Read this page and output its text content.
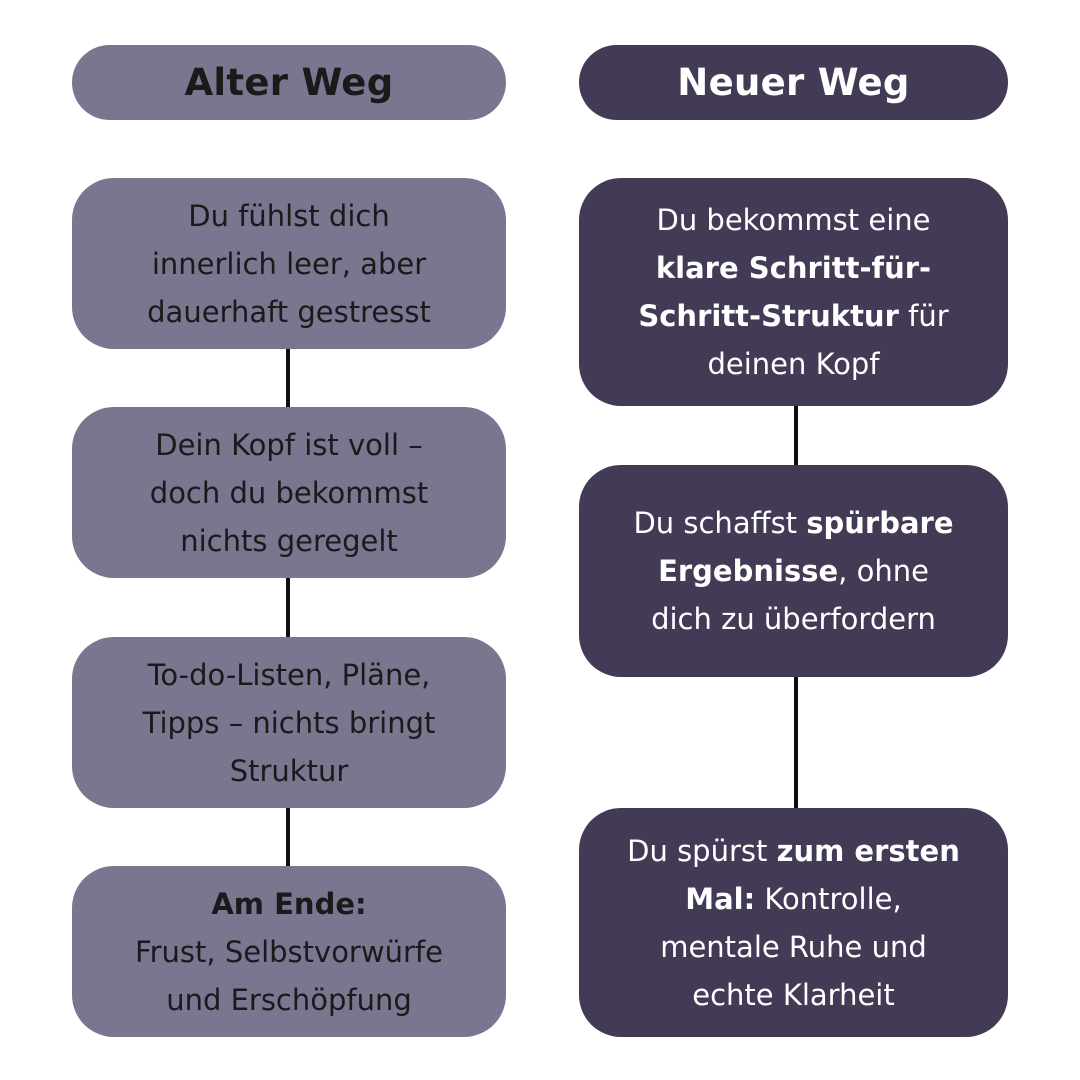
Alter Weg	Neuer Weg
Du fühlst dich
innerlich leer, aber
dauerhaft gestresst
Dein Kopf ist voll –
doch du bekommst
nichts geregelt
To-do-Listen, Pläne,
Tipps – nichts bringt
Struktur
Am Ende:
Frust, Selbstvorwürfe
und Erschöpfung
Du bekommst eine
klare Schritt-für-
Schritt-Struktur für
deinen Kopf
Du schaffst spürbare
Ergebnisse, ohne
dich zu überfordern
Du spürst zum ersten
Mal: Kontrolle,
mentale Ruhe und
echte Klarheit
